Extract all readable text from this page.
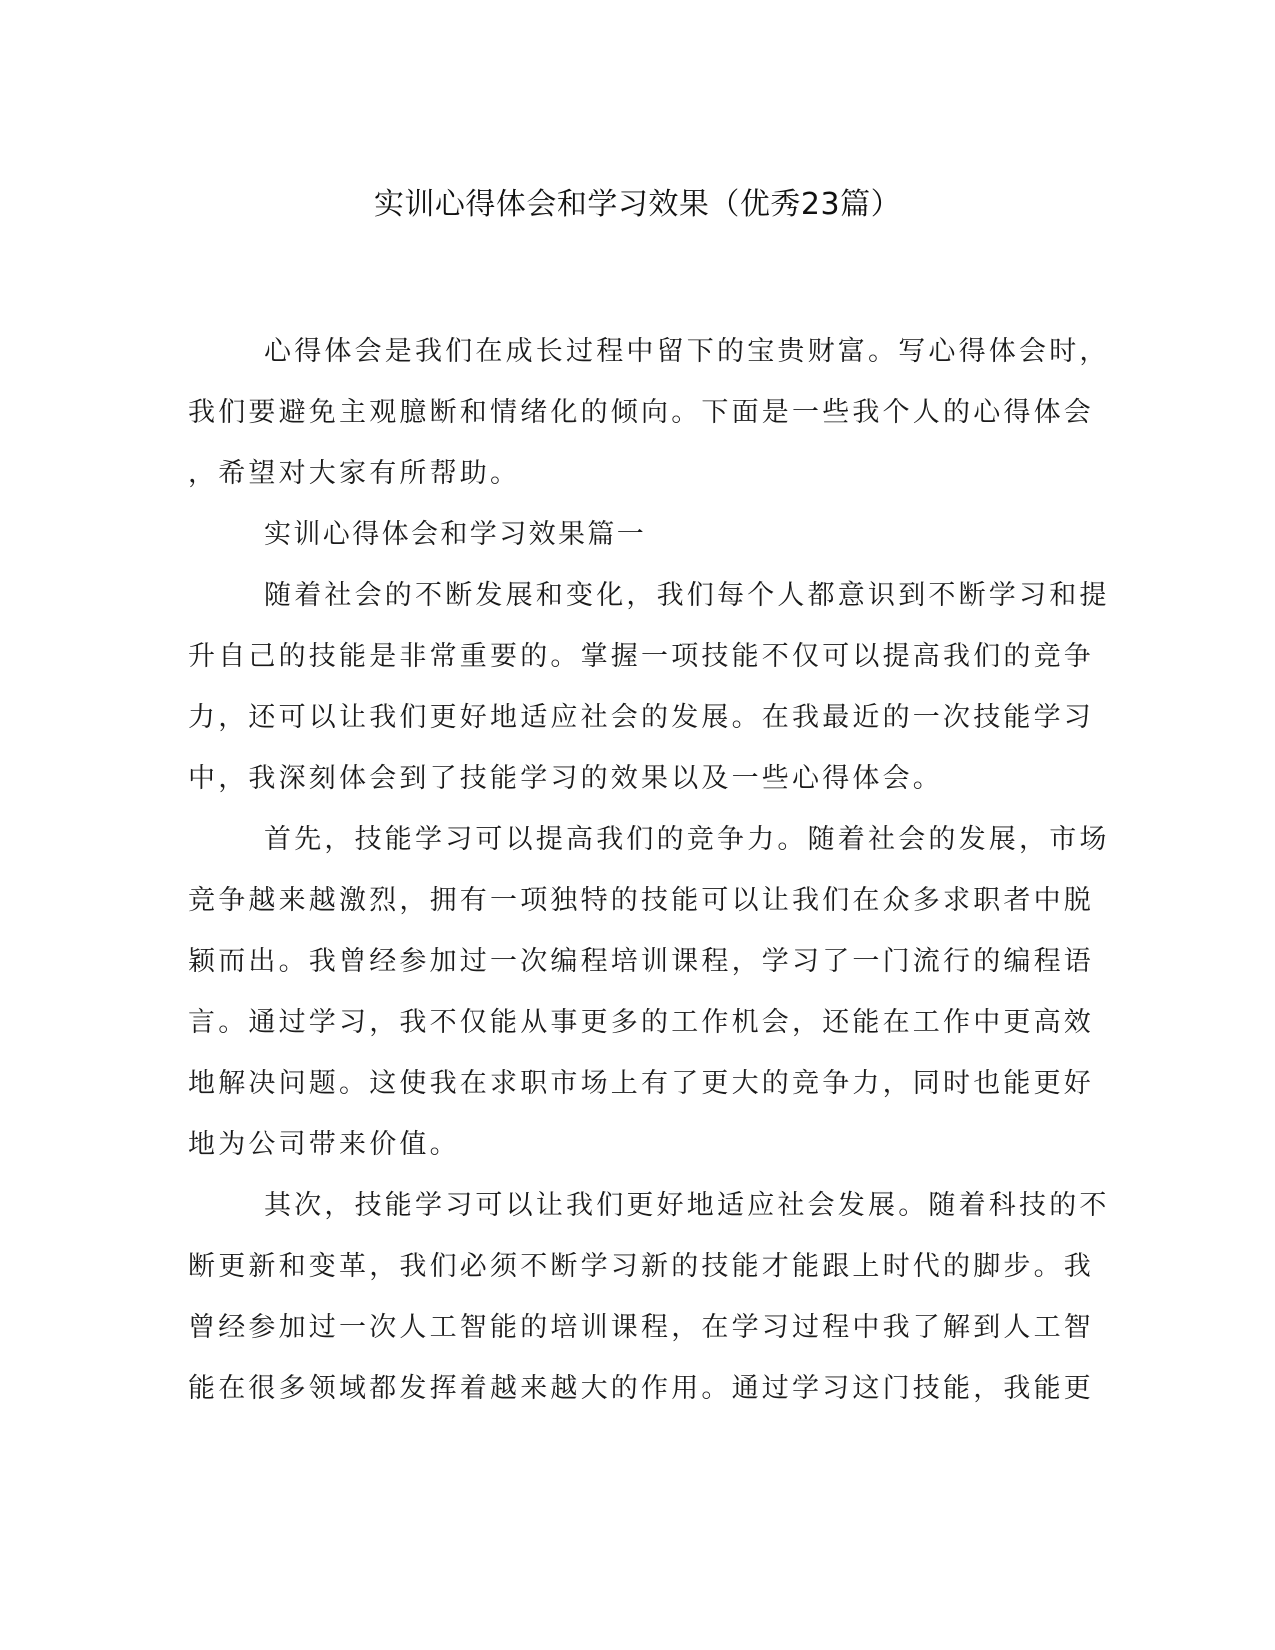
实训心得体会和学习效果（优秀23篇）
心得体会是我们在成长过程中留下的宝贵财富。写心得体会时，
我们要避免主观臆断和情绪化的倾向。下面是一些我个人的心得体会
，希望对大家有所帮助。
实训心得体会和学习效果篇一
随着社会的不断发展和变化，我们每个人都意识到不断学习和提
升自己的技能是非常重要的。掌握一项技能不仅可以提高我们的竞争
力，还可以让我们更好地适应社会的发展。在我最近的一次技能学习
中，我深刻体会到了技能学习的效果以及一些心得体会。
首先，技能学习可以提高我们的竞争力。随着社会的发展，市场
竞争越来越激烈，拥有一项独特的技能可以让我们在众多求职者中脱
颖而出。我曾经参加过一次编程培训课程，学习了一门流行的编程语
言。通过学习，我不仅能从事更多的工作机会，还能在工作中更高效
地解决问题。这使我在求职市场上有了更大的竞争力，同时也能更好
地为公司带来价值。
其次，技能学习可以让我们更好地适应社会发展。随着科技的不
断更新和变革，我们必须不断学习新的技能才能跟上时代的脚步。我
曾经参加过一次人工智能的培训课程，在学习过程中我了解到人工智
能在很多领域都发挥着越来越大的作用。通过学习这门技能，我能更
